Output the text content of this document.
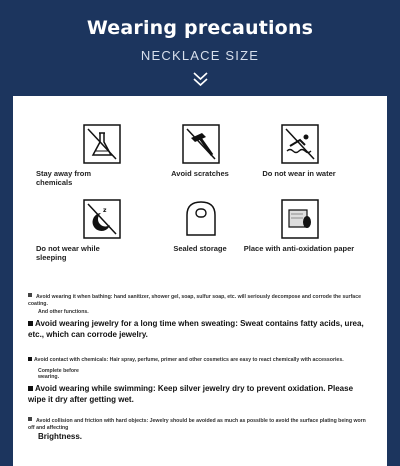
Wearing precautions
NECKLACE SIZE
Stay away from chemicals
Avoid scratches	Do not wear in water
z
Do not wear while sleeping
Sealed storage	Place with anti-oxidation paper
Avoid wearing it when bathing: hand sanitizer, shower gel, soap, sulfur soap, etc. will seriously decompose and corrode the surface coating.
And other functions.
Avoid wearing jewelry for a long time when sweating: Sweat contains fatty acids, urea, etc., which can corrode jewelry.
Avoid contact with chemicals: Hair spray, perfume, primer and other cosmetics are easy to react chemically with accessories.
Complete before
wearing.
Avoid wearing while swimming: Keep silver jewelry dry to prevent oxidation. Please wipe it dry after getting wet.
Avoid collision and friction with hard objects: Jewelry should be avoided as much as possible to avoid the surface plating being worn off and affecting
Brightness.
